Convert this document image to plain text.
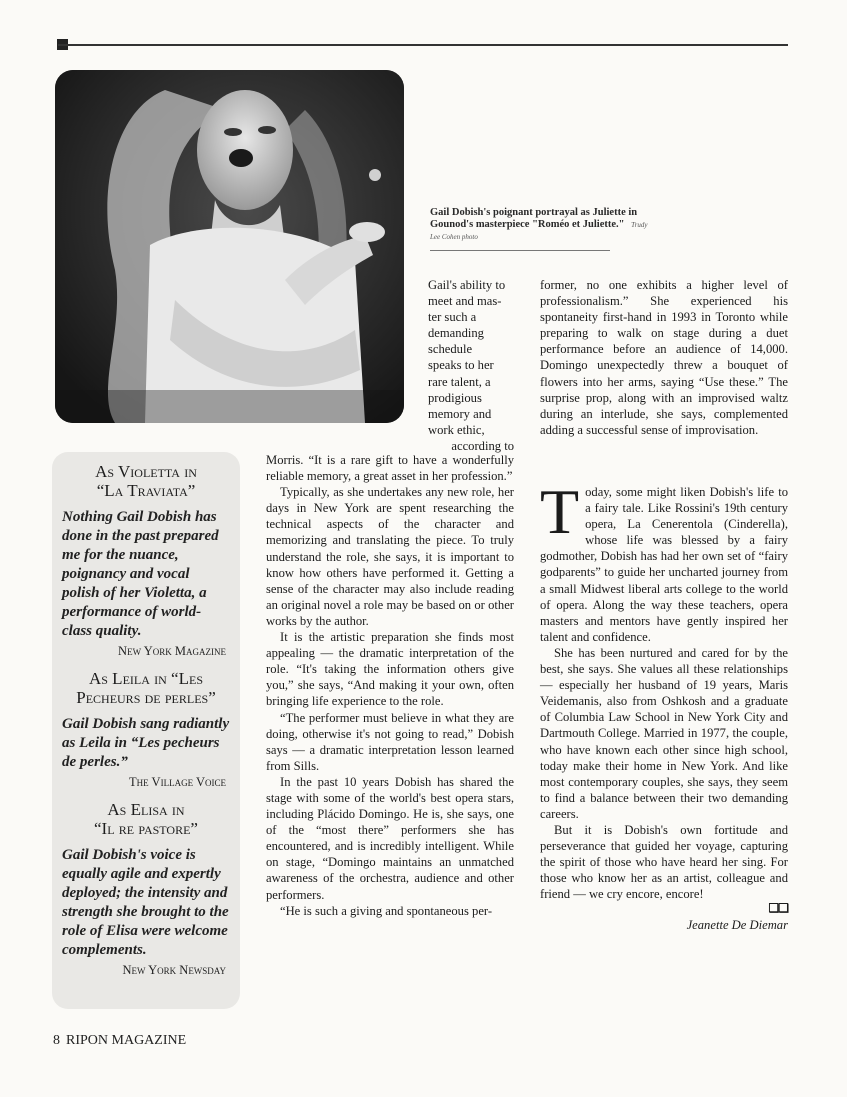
Gail Dobish's poignant portrayal as Juliette in Gounod's masterpiece "Roméo et Juliette." Trudy Lee Cohen photo

Gail's ability to
meet and mas-
ter such a
demanding
schedule
speaks to her
rare talent, a
prodigious
memory and
work ethic,

according to

Morris. “It is a rare gift to have a wonderfully reliable memory, a great asset in her profession.”

Typically, as she undertakes any new role, her days in New York are spent researching the technical aspects of the character and memorizing and translating the piece. To truly understand the role, she says, it is important to know how others have performed it. Getting a sense of the character may also include reading an original novel a role may be based on or other works by the author.

It is the artistic preparation she finds most appealing — the dramatic interpretation of the role. “It's taking the information others give you,” she says, “And making it your own, often bringing life experience to the role.

“The performer must believe in what they are doing, otherwise it's not going to read,” Dobish says — a dramatic interpretation lesson learned from Sills.

In the past 10 years Dobish has shared the stage with some of the world's best opera stars, including Plácido Domingo. He is, she says, one of the “most there” performers she has encountered, and is incredibly intelligent. While on stage, “Domingo maintains an unmatched awareness of the orchestra, audience and other performers.

“He is such a giving and spontaneous per-

former, no one exhibits a higher level of professionalism.” She experienced his spontaneity first-hand in 1993 in Toronto while preparing to walk on stage during a duet performance before an audience of 14,000. Domingo unexpectedly threw a bouquet of flowers into her arms, saying “Use these.” The surprise prop, along with an improvised waltz during an interlude, she says, complemented adding a successful sense of improvisation.

Today, some might liken Dobish's life to a fairy tale. Like Rossini's 19th century opera, La Cenerentola (Cinderella), whose life was blessed by a fairy godmother, Dobish has had her own set of “fairy godparents” to guide her uncharted journey from a small Midwest liberal arts college to the world of opera. Along the way these teachers, opera masters and mentors have gently inspired her talent and confidence.

She has been nurtured and cared for by the best, she says. She values all these relationships — especially her husband of 19 years, Maris Veidemanis, also from Oshkosh and a graduate of Columbia Law School in New York City and Dartmouth College. Married in 1977, the couple, who have known each other since high school, today make their home in New York. And like most contemporary couples, she says, they seem to find a balance between their two demanding careers.

But it is Dobish's own fortitude and perseverance that guided her voyage, capturing the spirit of those who have heard her sing. For those who know her as an artist, colleague and friend — we cry encore, encore!

❑❑
Jeanette De Diemar
As Violetta in
“La Traviata”

Nothing Gail Dobish has done in the past prepared me for the nuance, poignancy and vocal polish of her Violetta, a performance of world-class quality.

New York Magazine
As Leila in “Les
Pecheurs de perles”

Gail Dobish sang radiantly as Leila in “Les pecheurs de perles.”

The Village Voice
As Elisa in
“Il re pastore”

Gail Dobish's voice is equally agile and expertly deployed; the intensity and strength she brought to the role of Elisa were welcome complements.

New York Newsday
8 RIPON MAGAZINE
